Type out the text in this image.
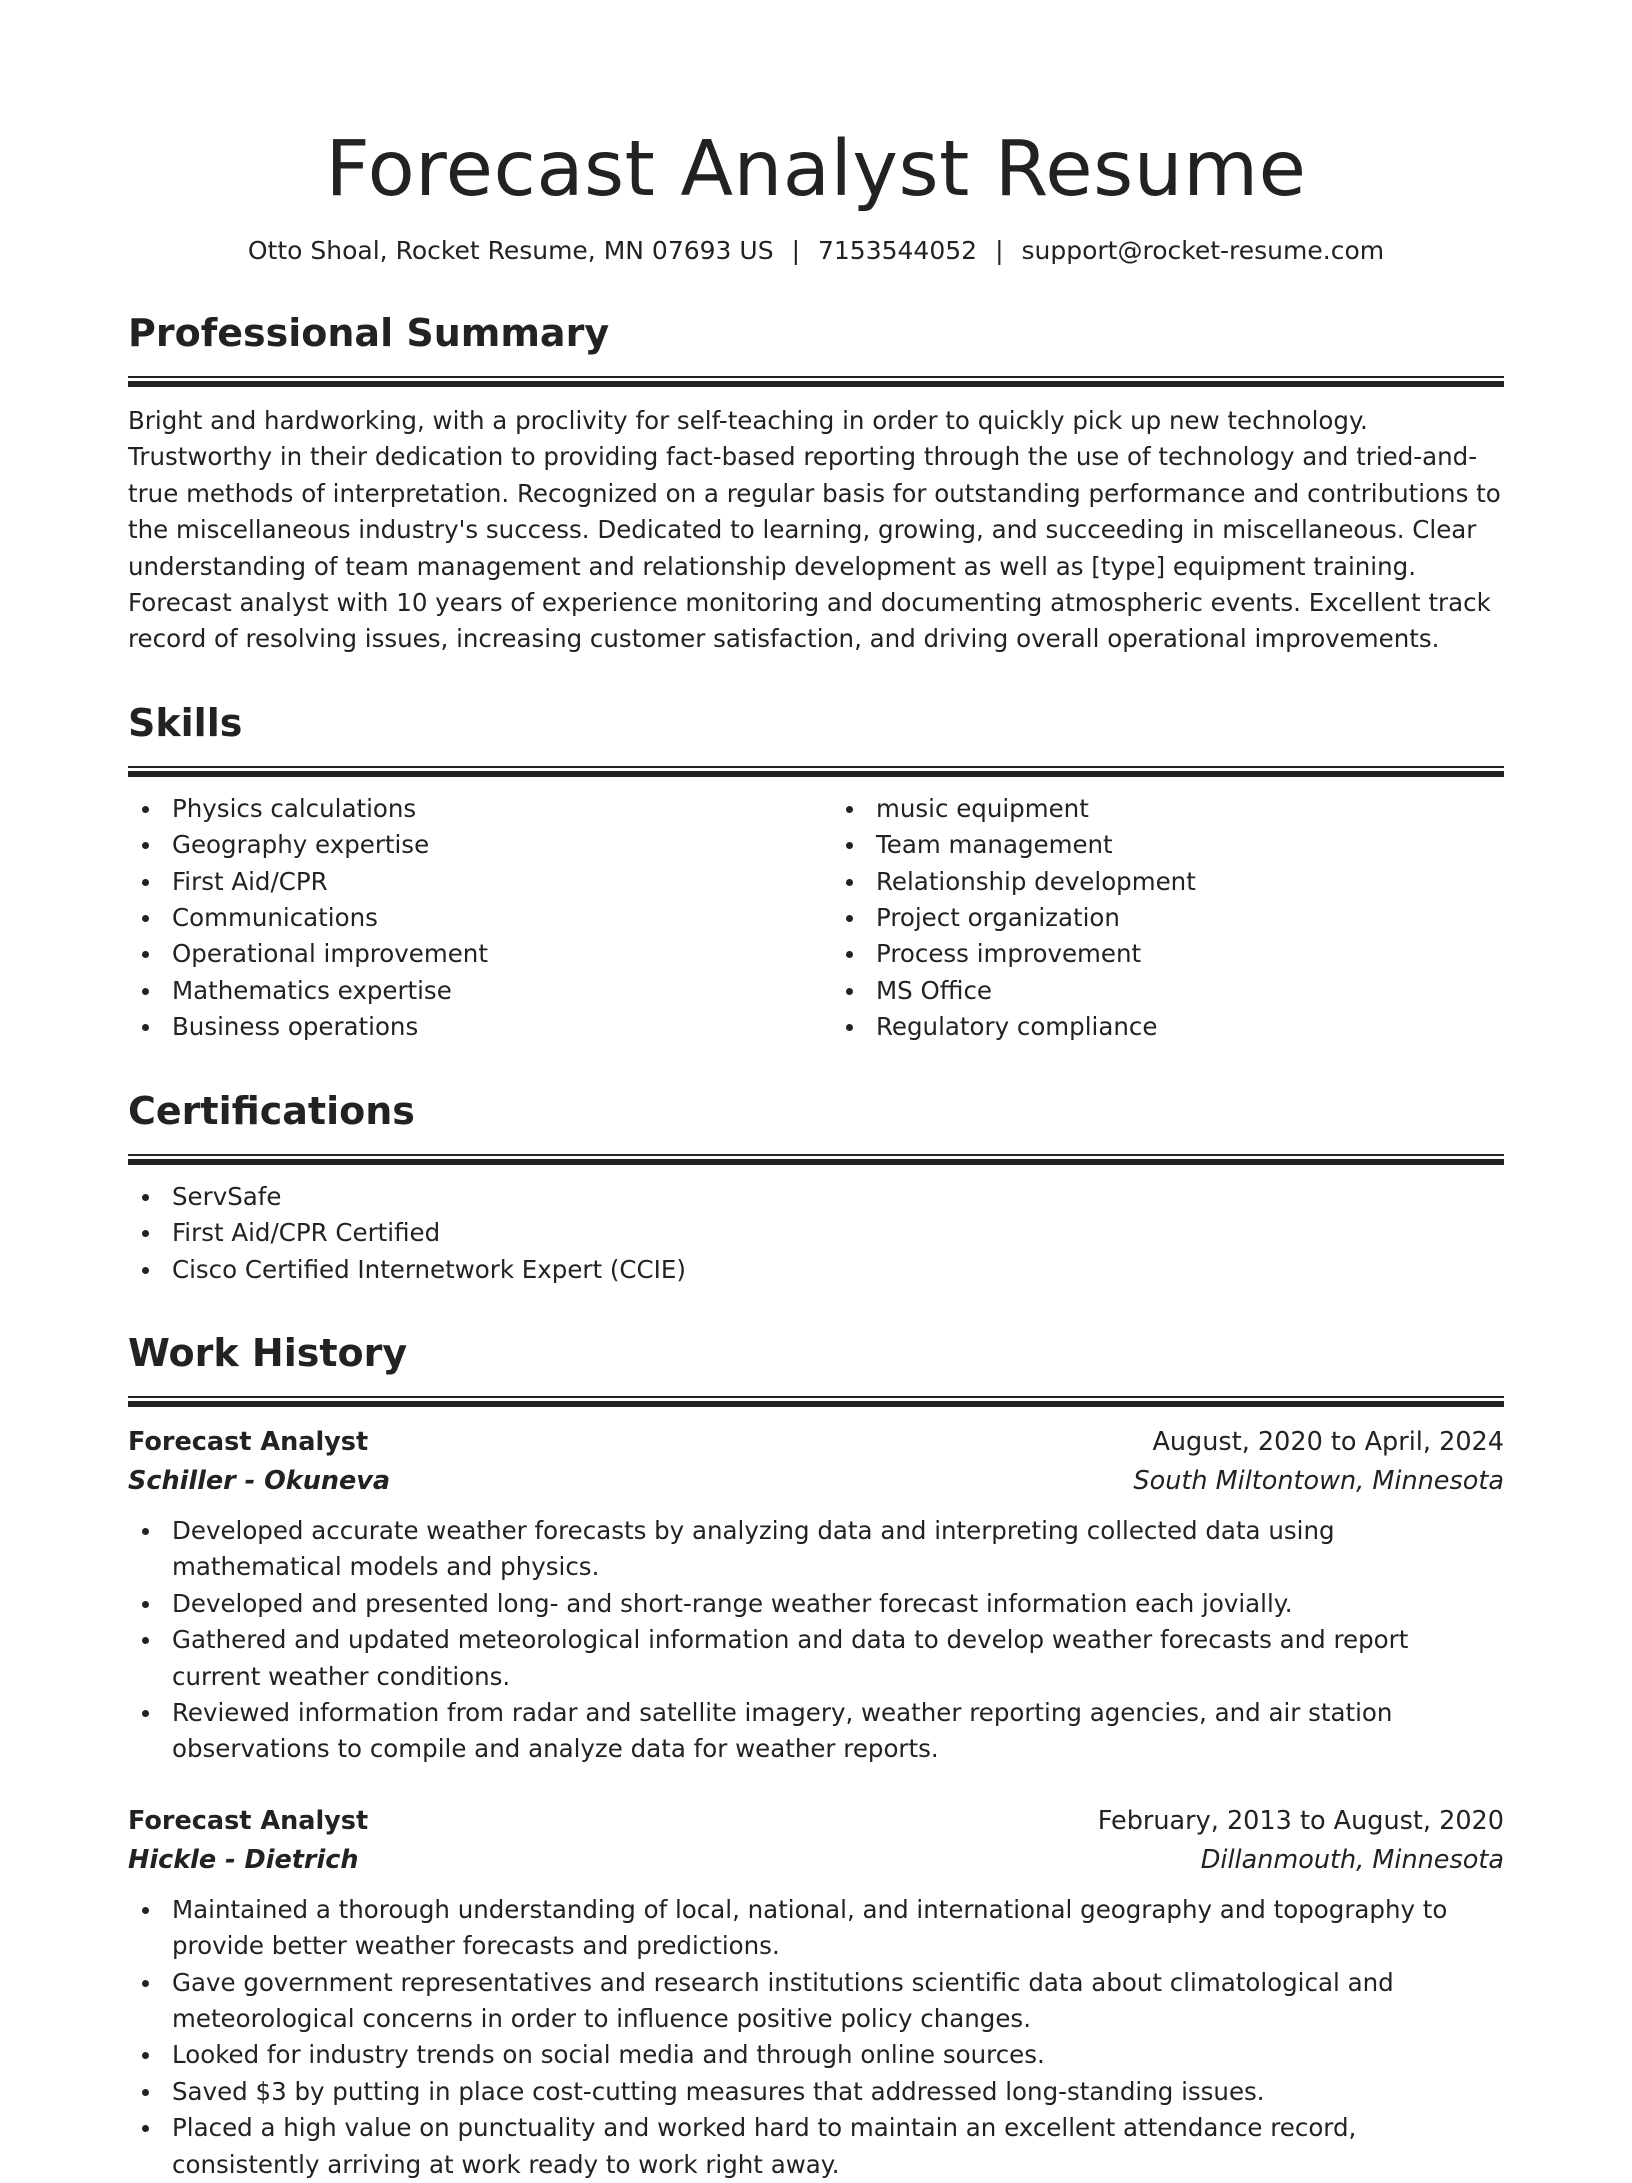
Forecast Analyst Resume
Otto Shoal, Rocket Resume, MN 07693 US | 7153544052 | support@rocket-resume.com
Professional Summary

Bright and hardworking, with a proclivity for self-teaching in order to quickly pick up new technology. Trustworthy in their dedication to providing fact-based reporting through the use of technology and tried-and-true methods of interpretation. Recognized on a regular basis for outstanding performance and contributions to the miscellaneous industry's success. Dedicated to learning, growing, and succeeding in miscellaneous. Clear understanding of team management and relationship development as well as [type] equipment training. Forecast analyst with 10 years of experience monitoring and documenting atmospheric events. Excellent track record of resolving issues, increasing customer satisfaction, and driving overall operational improvements.

Skills
Physics calculations
Geography expertise
First Aid/CPR
Communications
Operational improvement
Mathematics expertise
Business operations
music equipment
Team management
Relationship development
Project organization
Process improvement
MS Office
Regulatory compliance
Certifications
ServSafe
First Aid/CPR Certified
Cisco Certified Internetwork Expert (CCIE)
Work History
Forecast Analyst	August, 2020 to April, 2024
Schiller - Okuneva	South Miltontown, Minnesota
Developed accurate weather forecasts by analyzing data and interpreting collected data using mathematical models and physics.
Developed and presented long- and short-range weather forecast information each jovially.
Gathered and updated meteorological information and data to develop weather forecasts and report current weather conditions.
Reviewed information from radar and satellite imagery, weather reporting agencies, and air station observations to compile and analyze data for weather reports.
Forecast Analyst	February, 2013 to August, 2020
Hickle - Dietrich	Dillanmouth, Minnesota
Maintained a thorough understanding of local, national, and international geography and topography to provide better weather forecasts and predictions.
Gave government representatives and research institutions scientific data about climatological and meteorological concerns in order to influence positive policy changes.
Looked for industry trends on social media and through online sources.
Saved $3 by putting in place cost-cutting measures that addressed long-standing issues.
Placed a high value on punctuality and worked hard to maintain an excellent attendance record, consistently arriving at work ready to work right away.
